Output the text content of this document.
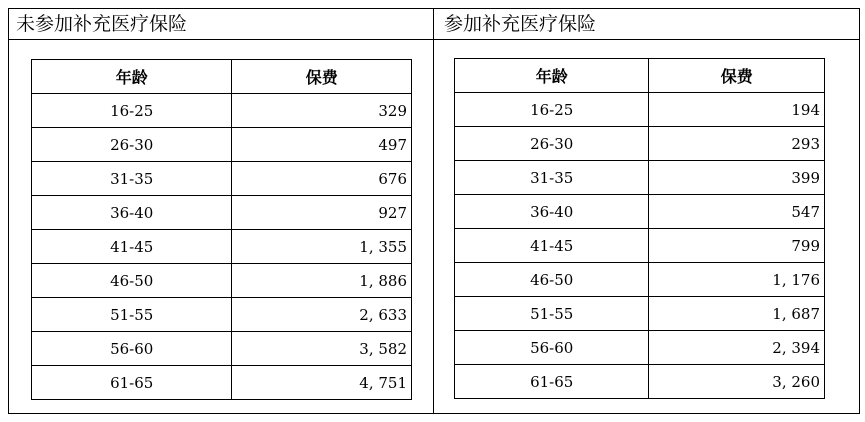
未参加补充医疗保险	参加补充医疗保险
年龄	保费
16-25	329
26-30	497
31-35	676
36-40	927
41-45	1, 355
46-50	1, 886
51-55	2, 633
56-60	3, 582
61-65	4, 751
年龄	保费
16-25	194
26-30	293
31-35	399
36-40	547
41-45	799
46-50	1, 176
51-55	1, 687
56-60	2, 394
61-65	3, 260
